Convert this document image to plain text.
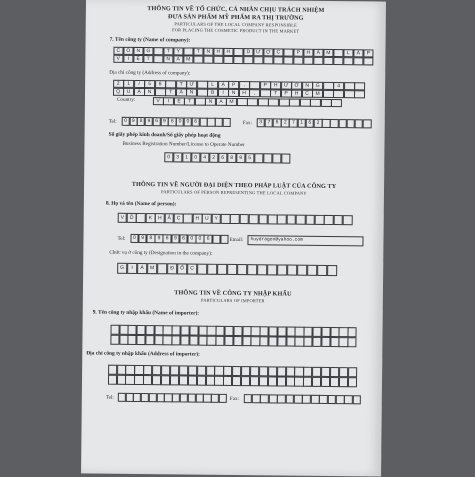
THÔNG TIN VỀ TỔ CHỨC, CÁ NHÂN CHỊU TRÁCH NHIỆM
ĐƯA SẢN PHẨM MỸ PHẨM RA THỊ TRƯỜNG
PARTICULARS OF THE LOCAL COMPANY RESPONSIBLE
FOR PLACING THE COSMETIC PRODUCT IN THE MARKET
7. Tên công ty (Name of company):
C	Ô	N	G	T	Y	T	N	H	H	D	Ư	Ợ	C	P	H	Ẩ	M	L	Á	P
V	I	Ệ	T	N	A	M
Địa chỉ công ty (Address of company):
2	1	/	5	6	T	Ứ	L	Ậ	P	,	P	H	Ư	Ờ	N	G	4
Q	U	Ậ	N	T	Â	N	B	Ì	N	H	,	T	P	H	C	M
Country:	V	I	Ệ	T	N	A	M
Tel:	0 9 8 9 6 9 6 0 0 6	Fax:	3	7	6	2	7	1	6	2
Số giấy phép kinh doanh/Số giấy phép hoạt động
Business Registration Number/License to Operate Number
0	3	1	0	4	2	6	8	9	5
THÔNG TIN VỀ NGƯỜI ĐẠI DIỆN THEO PHÁP LUẬT CỦA CÔNG TY
PARTICULARS OF PERSON REPRESENTING THE LOCAL COMPANY
8. Họ và tên (Name of person):
V	Õ	K	H	Ắ	C	H	U	Y
Tel:	0	9	8	9	6	9	6	0	0	6	Email:	huydragon@yahoo.com
Chức vụ ở công ty (Designation in the company):
G	I	Á	M	Đ	Ố	C
THÔNG TIN VỀ CÔNG TY NHẬP KHẨU
PARTICULARS OF IMPORTER
9. Tên công ty nhập khẩu (Name of importer):
Địa chỉ công ty nhập khẩu (Address of importer):
Tel:	Fax:
